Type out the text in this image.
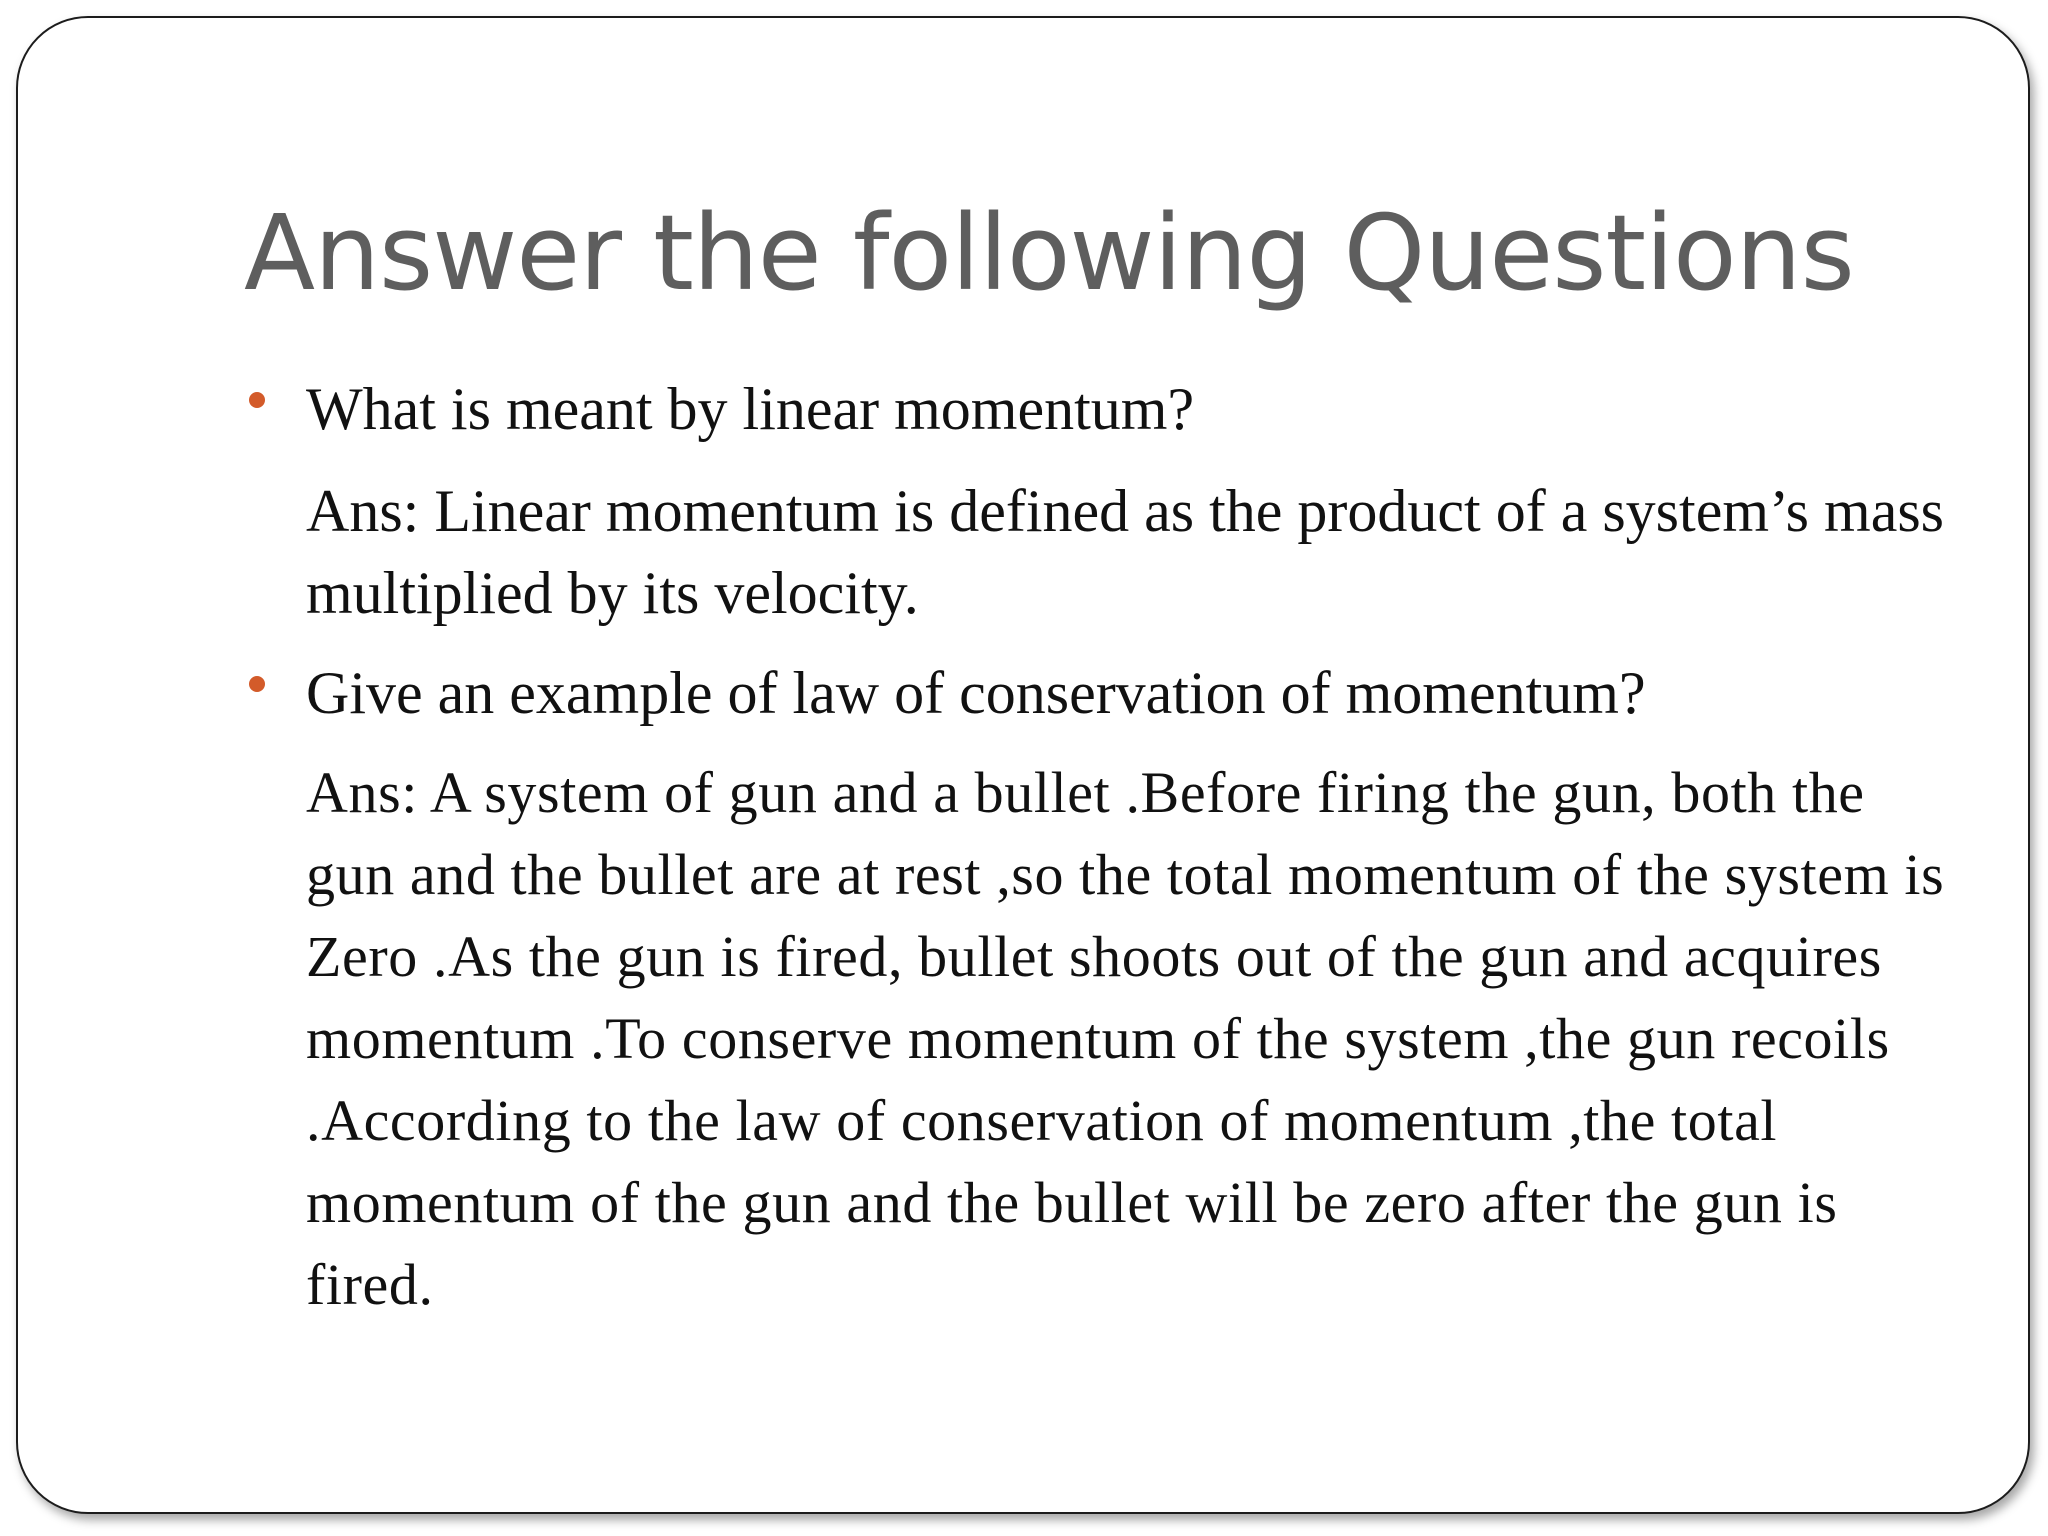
Answer the following Questions

What is meant by linear momentum?

Ans: Linear momentum is defined as the product of a system’s mass multiplied by its velocity.

Give an example of law of conservation of momentum?

Ans: A system of gun and a bullet .Before firing the gun, both the gun and the bullet are at rest ,so the total momentum of the system is Zero .As the gun is fired, bullet shoots out of the gun and acquires momentum .To conserve momentum of the system ,the gun recoils .According to the law of conservation of momentum ,the total momentum of the gun and the bullet will be zero after the gun is fired.
